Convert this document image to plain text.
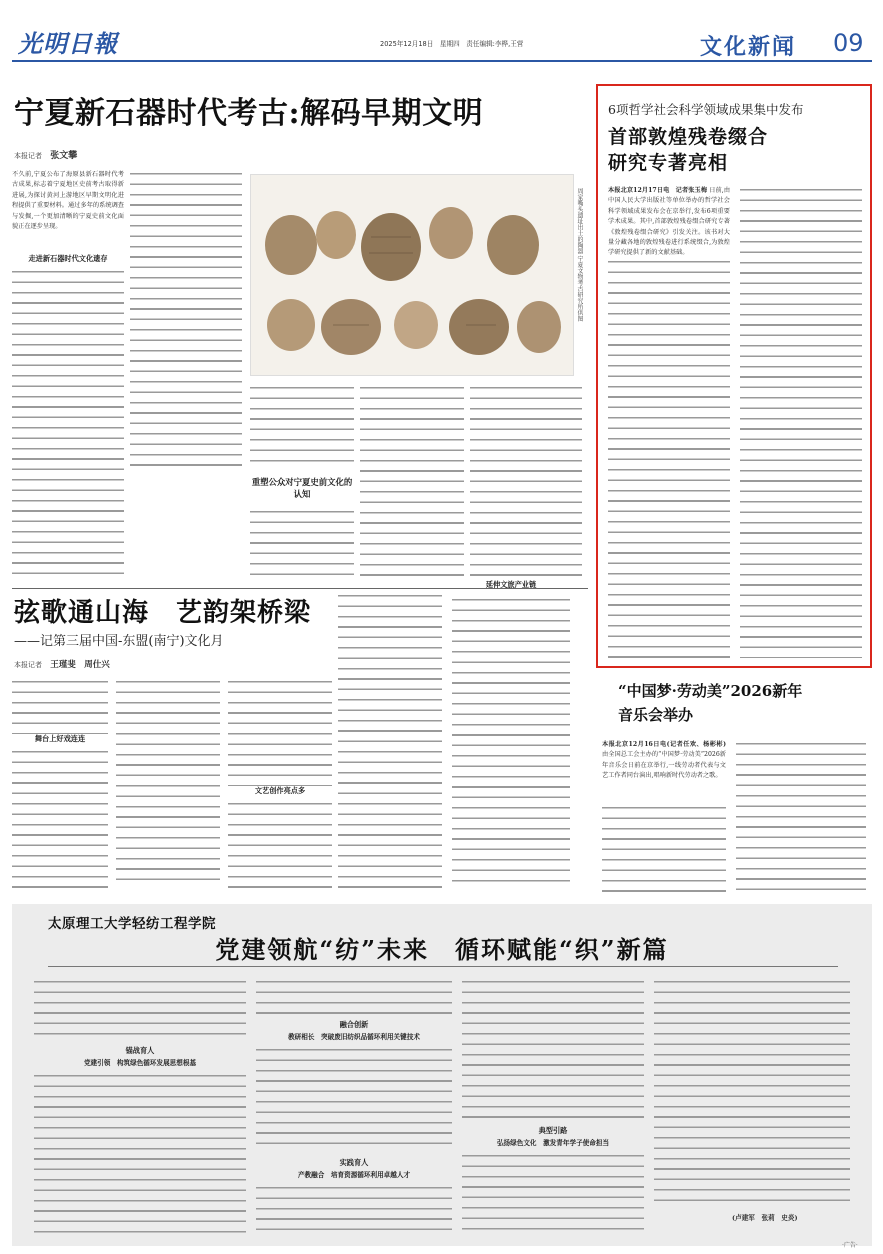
光明日報	2025年12月18日　星期四　责任编辑:李桦,王营	文化新闻 09
宁夏新石器时代考古:解码早期文明
本报记者 张文攀
不久前,宁夏公布了海原县新石器时代考古成果,标志着宁夏地区史前考古取得新进展,为探讨黄河上游地区早期文明化进程提供了重要材料。通过多年的系统调查与发掘,一个更加清晰的宁夏史前文化面貌正在逐步呈现。
走进新石器时代文化遗存	周家嘴头遗址出土的陶器 宁夏文物考古研究所供图
重塑公众对宁夏史前文化的认知
6项哲学社会科学领域成果集中发布
首部敦煌残卷缀合
研究专著亮相
本报北京12月17日电　记者张玉梅 日前,由中国人民大学出版社等单位举办的哲学社会科学领域成果发布会在京举行,发布6项重要学术成果。其中,首部敦煌残卷缀合研究专著《敦煌残卷缀合研究》引发关注。该书对大量分藏各地的敦煌残卷进行系统缀合,为敦煌学研究提供了新的文献基础。
弦歌通山海　艺韵架桥梁
——记第三届中国-东盟(南宁)文化月
本报记者 王瑾斐　周仕兴
舞台上好戏连连
文艺创作亮点多
延伸文旅产业链
“中国梦·劳动美”2026新年
音乐会举办
本报北京12月16日电(记者任欢、杨彬彬) 由全国总工会主办的“中国梦·劳动美”2026新年音乐会日前在京举行,一线劳动者代表与文艺工作者同台演出,唱响新时代劳动者之歌。
太原理工大学轻纺工程学院
党建领航“纺”未来　循环赋能“织”新篇
锚战育人
党建引领　构筑绿色循环发展思想根基
融合创新
教研相长　突破废旧纺织品循环利用关键技术
实践育人
产教融合　培育资源循环利用卓越人才
典型引路
弘扬绿色文化　激发青年学子使命担当
(卢建军　张莉　史炎)
·广告·
